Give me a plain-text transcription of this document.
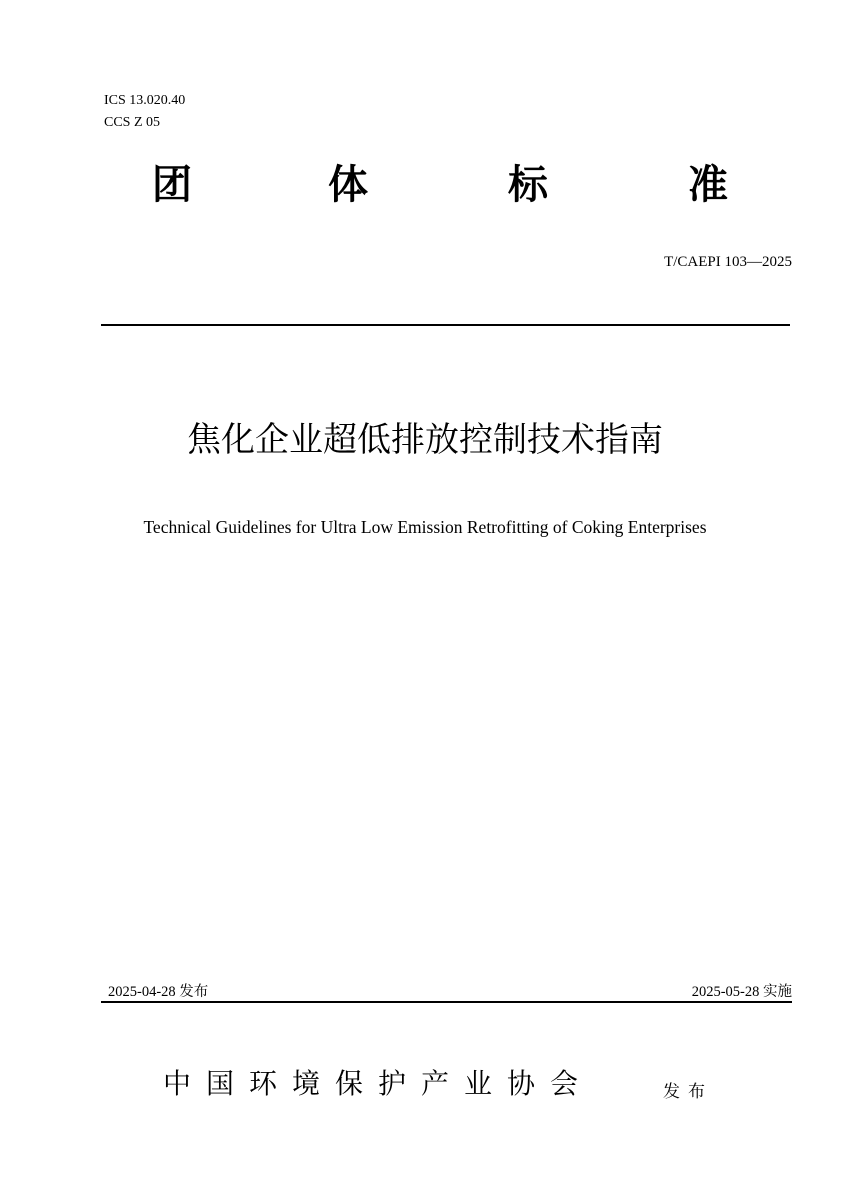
ICS 13.020.40
CCS Z 05
团	体	标	准
T/CAEPI 103—2025
焦化企业超低排放控制技术指南
Technical Guidelines for Ultra Low Emission Retrofitting of Coking Enterprises
2025-04-28 发布	2025-05-28 实施
中国环境保护产业协会	发布
